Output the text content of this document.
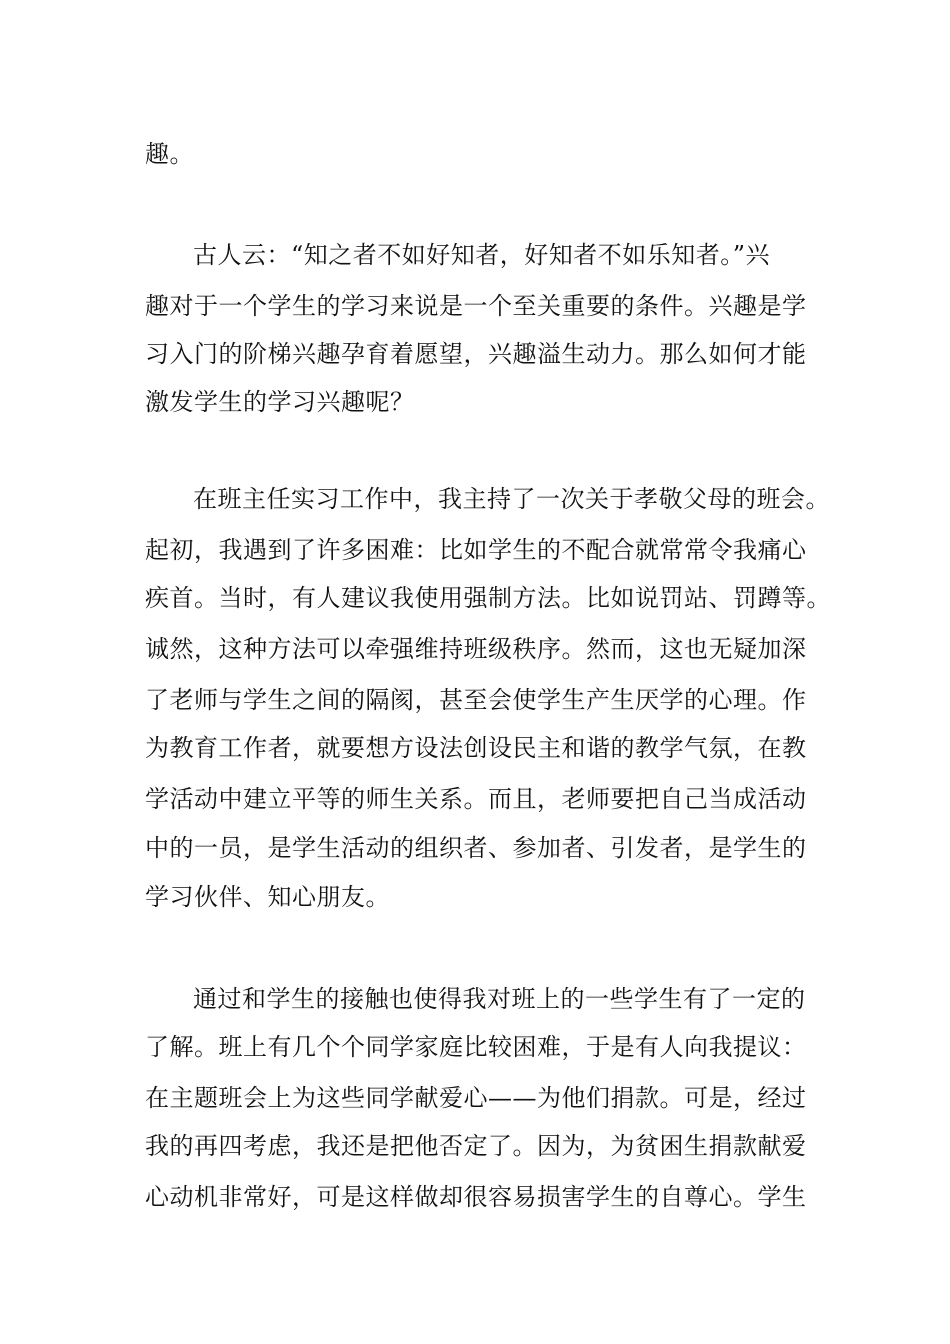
趣。
古人云：“知之者不如好知者，好知者不如乐知者。”兴
趣对于一个学生的学习来说是一个至关重要的条件。兴趣是学
习入门的阶梯兴趣孕育着愿望，兴趣溢生动力。那么如何才能
激发学生的学习兴趣呢？
在班主任实习工作中，我主持了一次关于孝敬父母的班会。
起初，我遇到了许多困难：比如学生的不配合就常常令我痛心
疾首。当时，有人建议我使用强制方法。比如说罚站、罚蹲等。
诚然，这种方法可以牵强维持班级秩序。然而，这也无疑加深
了老师与学生之间的隔阂，甚至会使学生产生厌学的心理。作
为教育工作者，就要想方设法创设民主和谐的教学气氛，在教
学活动中建立平等的师生关系。而且，老师要把自己当成活动
中的一员，是学生活动的组织者、参加者、引发者，是学生的
学习伙伴、知心朋友。
通过和学生的接触也使得我对班上的一些学生有了一定的
了解。班上有几个个同学家庭比较困难，于是有人向我提议：
在主题班会上为这些同学献爱心——为他们捐款。可是，经过
我的再四考虑，我还是把他否定了。因为，为贫困生捐款献爱
心动机非常好，可是这样做却很容易损害学生的自尊心。学生
